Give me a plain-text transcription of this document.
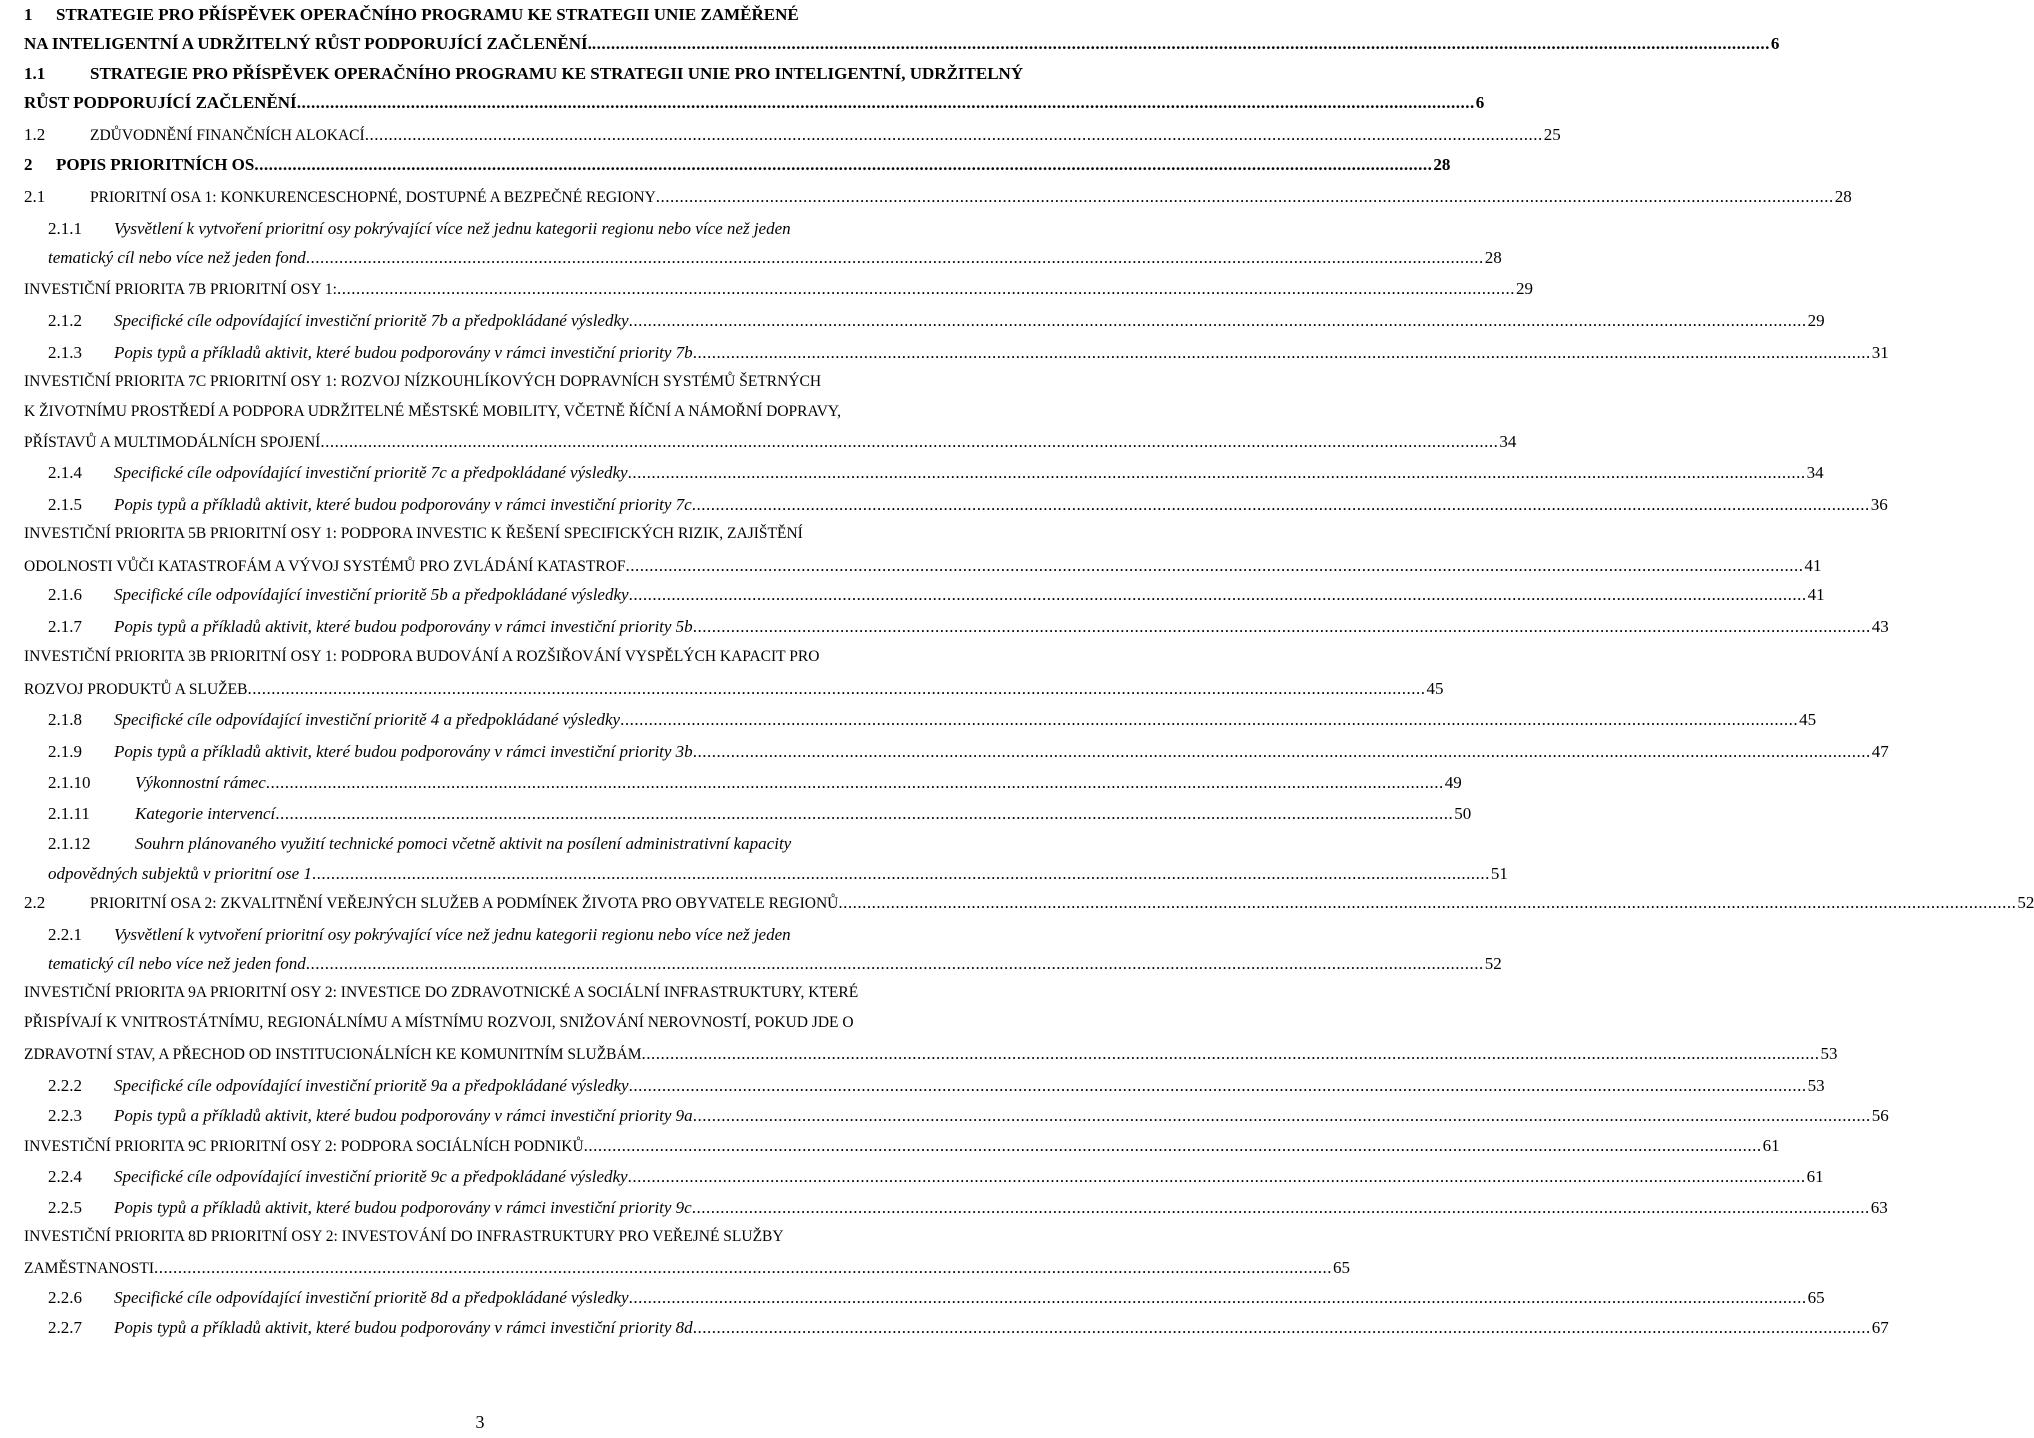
1	STRATEGIE PRO PŘÍSPĚVEK OPERAČNÍHO PROGRAMU KE STRATEGII UNIE ZAMĚŘENÉ
NA INTELIGENTNÍ A UDRŽITELNÝ RŮST PODPORUJÍCÍ ZAČLENĚNÍ. .....	6
1.1	STRATEGIE PRO PŘÍSPĚVEK OPERAČNÍHO PROGRAMU KE STRATEGII UNIE PRO INTELIGENTNÍ, UDRŽITELNÝ
RŮST PODPORUJÍCÍ ZAČLENĚNÍ .....	6
1.2	ZDŮVODNĚNÍ FINANČNÍCH ALOKACÍ .....	25
2	POPIS PRIORITNÍCH OS .....	28
2.1	PRIORITNÍ OSA 1: KONKURENCESCHOPNÉ, DOSTUPNÉ A BEZPEČNÉ REGIONY .....	28
2.1.1	Vysvětlení k vytvoření prioritní osy pokrývající více než jednu kategorii regionu nebo více než jeden
tematický cíl nebo více než jeden fond .....	28
INVESTIČNÍ PRIORITA 7B PRIORITNÍ OSY 1: .....	29
2.1.2	Specifické cíle odpovídající investiční prioritě 7b a předpokládané výsledky .....	29
2.1.3	Popis typů a příkladů aktivit, které budou podporovány v rámci investiční priority 7b .....	31
INVESTIČNÍ PRIORITA 7C PRIORITNÍ OSY 1: ROZVOJ NÍZKOUHLÍKOVÝCH DOPRAVNÍCH SYSTÉMŮ ŠETRNÝCH
K ŽIVOTNÍMU PROSTŘEDÍ A PODPORA UDRŽITELNÉ MĚSTSKÉ MOBILITY, VČETNĚ ŘÍČNÍ A NÁMOŘNÍ DOPRAVY,
PŘÍSTAVŮ A MULTIMODÁLNÍCH SPOJENÍ .....	34
2.1.4	Specifické cíle odpovídající investiční prioritě 7c a předpokládané výsledky .....	34
2.1.5	Popis typů a příkladů aktivit, které budou podporovány v rámci investiční priority 7c .....	36
INVESTIČNÍ PRIORITA 5B PRIORITNÍ OSY 1: PODPORA INVESTIC K ŘEŠENÍ SPECIFICKÝCH RIZIK, ZAJIŠTĚNÍ
ODOLNOSTI VŮČI KATASTROFÁM A VÝVOJ SYSTÉMŮ PRO ZVLÁDÁNÍ KATASTROF .....	41
2.1.6	Specifické cíle odpovídající investiční prioritě 5b a předpokládané výsledky .....	41
2.1.7	Popis typů a příkladů aktivit, které budou podporovány v rámci investiční priority 5b .....	43
INVESTIČNÍ PRIORITA 3B PRIORITNÍ OSY 1: PODPORA BUDOVÁNÍ A ROZŠIŘOVÁNÍ VYSPĚLÝCH KAPACIT PRO
ROZVOJ PRODUKTŮ A SLUŽEB .....	45
2.1.8	Specifické cíle odpovídající investiční prioritě 4 a předpokládané výsledky .....	45
2.1.9	Popis typů a příkladů aktivit, které budou podporovány v rámci investiční priority 3b .....	47
2.1.10	Výkonnostní rámec .....	49
2.1.11	Kategorie intervencí .....	50
2.1.12	Souhrn plánovaného využití technické pomoci včetně aktivit na posílení administrativní kapacity
odpovědných subjektů v prioritní ose 1 .....	51
2.2	PRIORITNÍ OSA 2: ZKVALITNĚNÍ VEŘEJNÝCH SLUŽEB A PODMÍNEK ŽIVOTA PRO OBYVATELE REGIONŮ .....	52
2.2.1	Vysvětlení k vytvoření prioritní osy pokrývající více než jednu kategorii regionu nebo více než jeden
tematický cíl nebo více než jeden fond .....	52
INVESTIČNÍ PRIORITA 9A PRIORITNÍ OSY 2: INVESTICE DO ZDRAVOTNICKÉ A SOCIÁLNÍ INFRASTRUKTURY, KTERÉ
PŘISPÍVAJÍ K VNITROSTÁTNÍMU, REGIONÁLNÍMU A MÍSTNÍMU ROZVOJI, SNIŽOVÁNÍ NEROVNOSTÍ, POKUD JDE O
ZDRAVOTNÍ STAV, A PŘECHOD OD INSTITUCIONÁLNÍCH KE KOMUNITNÍM SLUŽBÁM .....	53
2.2.2	Specifické cíle odpovídající investiční prioritě 9a a předpokládané výsledky .....	53
2.2.3	Popis typů a příkladů aktivit, které budou podporovány v rámci investiční priority 9a .....	56
INVESTIČNÍ PRIORITA 9C PRIORITNÍ OSY 2: PODPORA SOCIÁLNÍCH PODNIKŮ .....	61
2.2.4	Specifické cíle odpovídající investiční prioritě 9c a předpokládané výsledky .....	61
2.2.5	Popis typů a příkladů aktivit, které budou podporovány v rámci investiční priority 9c .....	63
INVESTIČNÍ PRIORITA 8D PRIORITNÍ OSY 2: INVESTOVÁNÍ DO INFRASTRUKTURY PRO VEŘEJNÉ SLUŽBY
ZAMĚSTNANOSTI .....	65
2.2.6	Specifické cíle odpovídající investiční prioritě 8d a předpokládané výsledky .....	65
2.2.7	Popis typů a příkladů aktivit, které budou podporovány v rámci investiční priority 8d .....	67
3
